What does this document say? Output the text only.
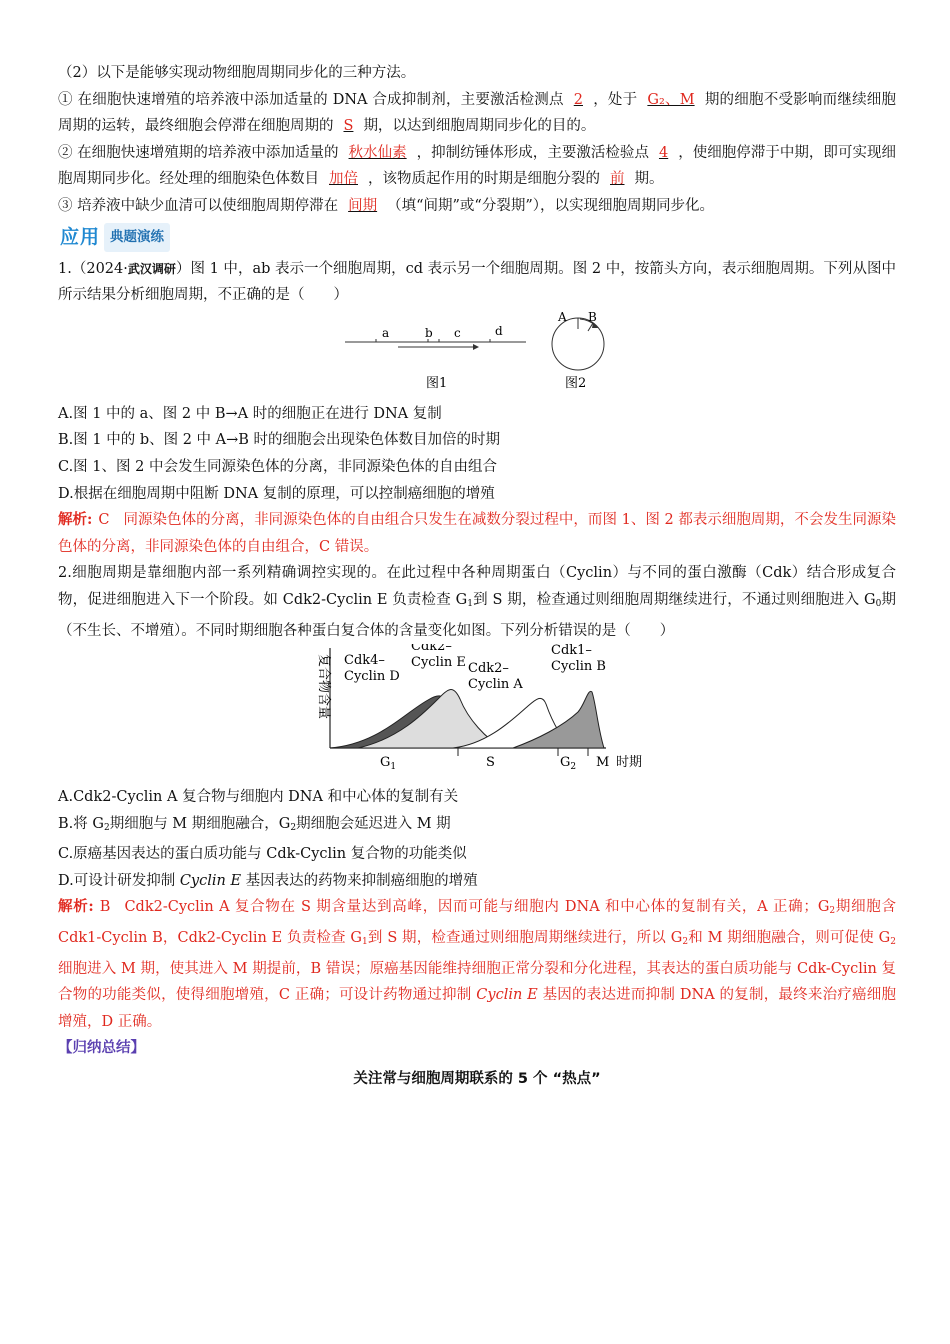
（2）以下是能够实现动物细胞周期同步化的三种方法。

① 在细胞快速增殖的培养液中添加适量的 DNA 合成抑制剂，主要激活检测点 2 ，处于 G₂、M 期的细胞不受影响而继续细胞周期的运转，最终细胞会停滞在细胞周期的 S 期，以达到细胞周期同步化的目的。

② 在细胞快速增殖期的培养液中添加适量的 秋水仙素 ，抑制纺锤体形成，主要激活检验点 4 ，使细胞停滞于中期，即可实现细胞周期同步化。经处理的细胞染色体数目 加倍 ，该物质起作用的时期是细胞分裂的 前 期。

③ 培养液中缺少血清可以使细胞周期停滞在 间期 （填“间期”或“分裂期”），以实现细胞周期同步化。

应用 典题演练

1.（2024·武汉调研）图 1 中，ab 表示一个细胞周期，cd 表示另一个细胞周期。图 2 中，按箭头方向，表示细胞周期。下列从图中所示结果分析细胞周期，不正确的是（　　）

a	b c	d
图1
A B
图2

A.图 1 中的 a、图 2 中 B→A 时的细胞正在进行 DNA 复制

B.图 1 中的 b、图 2 中 A→B 时的细胞会出现染色体数目加倍的时期

C.图 1、图 2 中会发生同源染色体的分离，非同源染色体的自由组合

D.根据在细胞周期中阻断 DNA 复制的原理，可以控制癌细胞的增殖

解析: C 同源染色体的分离，非同源染色体的自由组合只发生在减数分裂过程中，而图 1、图 2 都表示细胞周期，不会发生同源染色体的分离，非同源染色体的自由组合，C 错误。

2.细胞周期是靠细胞内部一系列精确调控实现的。在此过程中各种周期蛋白（Cyclin）与不同的蛋白激酶（Cdk）结合形成复合物，促进细胞进入下一个阶段。如 Cdk2-Cyclin E 负责检查 $G_1$到 S 期，检查通过则细胞周期继续进行，不通过则细胞进入 $G_0$期（不生长、不增殖）。不同时期细胞各种蛋白复合体的含量变化如图。下列分析错误的是（　　）

复合物含量
时期
$G_1$	S	$G_2$ M
Cdk4–
Cyclin D
Cdk2–
Cyclin E Cdk2–
Cyclin A
Cdk1–
Cyclin B

A.Cdk2-Cyclin A 复合物与细胞内 DNA 和中心体的复制有关

B.将 $G_2$期细胞与 M 期细胞融合，$G_2$期细胞会延迟进入 M 期

C.原癌基因表达的蛋白质功能与 Cdk-Cyclin 复合物的功能类似

D.可设计研发抑制 Cyclin E 基因表达的药物来抑制癌细胞的增殖

解析: B Cdk2-Cyclin A 复合物在 S 期含量达到高峰，因而可能与细胞内 DNA 和中心体的复制有关，A 正确；$G_2$期细胞含 Cdk1-Cyclin B，Cdk2-Cyclin E 负责检查 $G_1$到 S 期，检查通过则细胞周期继续进行，所以 $G_2$和 M 期细胞融合，则可促使 $G_2$细胞进入 M 期，使其进入 M 期提前，B 错误；原癌基因能维持细胞正常分裂和分化进程，其表达的蛋白质功能与 Cdk-Cyclin 复合物的功能类似，使得细胞增殖，C 正确；可设计药物通过抑制 Cyclin E 基因的表达进而抑制 DNA 的复制，最终来治疗癌细胞增殖，D 正确。

【归纳总结】

关注常与细胞周期联系的 5 个 “热点”
